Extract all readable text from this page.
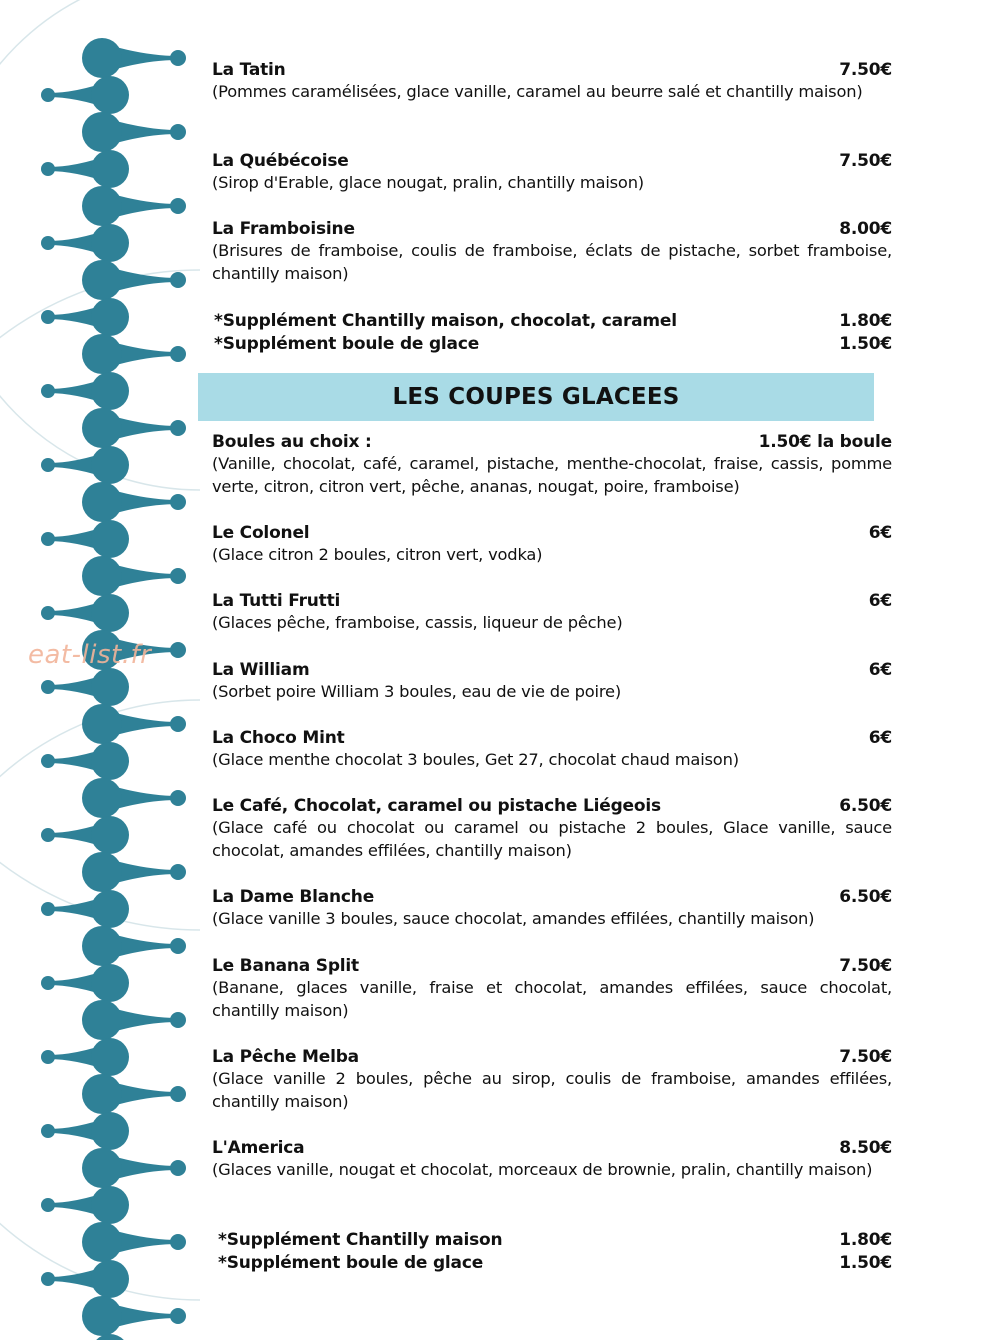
eat-list.fr
La Tatin	7.50€
(Pommes caramélisées, glace vanille, caramel au beurre salé et chantilly maison)
La Québécoise	7.50€
(Sirop d'Erable, glace nougat, pralin, chantilly maison)
La Framboisine	8.00€
(Brisures de framboise, coulis de framboise, éclats de pistache, sorbet framboise, chantilly maison)
*Supplément Chantilly maison, chocolat, caramel	1.80€
*Supplément boule de glace	1.50€
LES COUPES GLACEES
Boules au choix :	1.50€ la boule
(Vanille, chocolat, café, caramel, pistache, menthe-chocolat, fraise, cassis, pomme verte, citron, citron vert, pêche, ananas, nougat, poire, framboise)
Le Colonel	6€
(Glace citron 2 boules, citron vert, vodka)
La Tutti Frutti	6€
(Glaces pêche, framboise, cassis, liqueur de pêche)
La William	6€
(Sorbet poire William 3 boules, eau de vie de poire)
La Choco Mint	6€
(Glace menthe chocolat 3 boules, Get 27, chocolat chaud maison)
Le Café, Chocolat, caramel ou pistache Liégeois	6.50€
(Glace café ou chocolat ou caramel ou pistache 2 boules, Glace vanille, sauce chocolat, amandes effilées, chantilly maison)
La Dame Blanche	6.50€
(Glace vanille 3 boules, sauce chocolat, amandes effilées, chantilly maison)
Le Banana Split	7.50€
(Banane, glaces vanille, fraise et chocolat, amandes effilées, sauce chocolat, chantilly maison)
La Pêche Melba	7.50€
(Glace vanille 2 boules, pêche au sirop, coulis de framboise, amandes effilées, chantilly maison)
L'America	8.50€
(Glaces vanille, nougat et chocolat, morceaux de brownie, pralin, chantilly maison)
*Supplément Chantilly maison	1.80€
*Supplément boule de glace	1.50€
